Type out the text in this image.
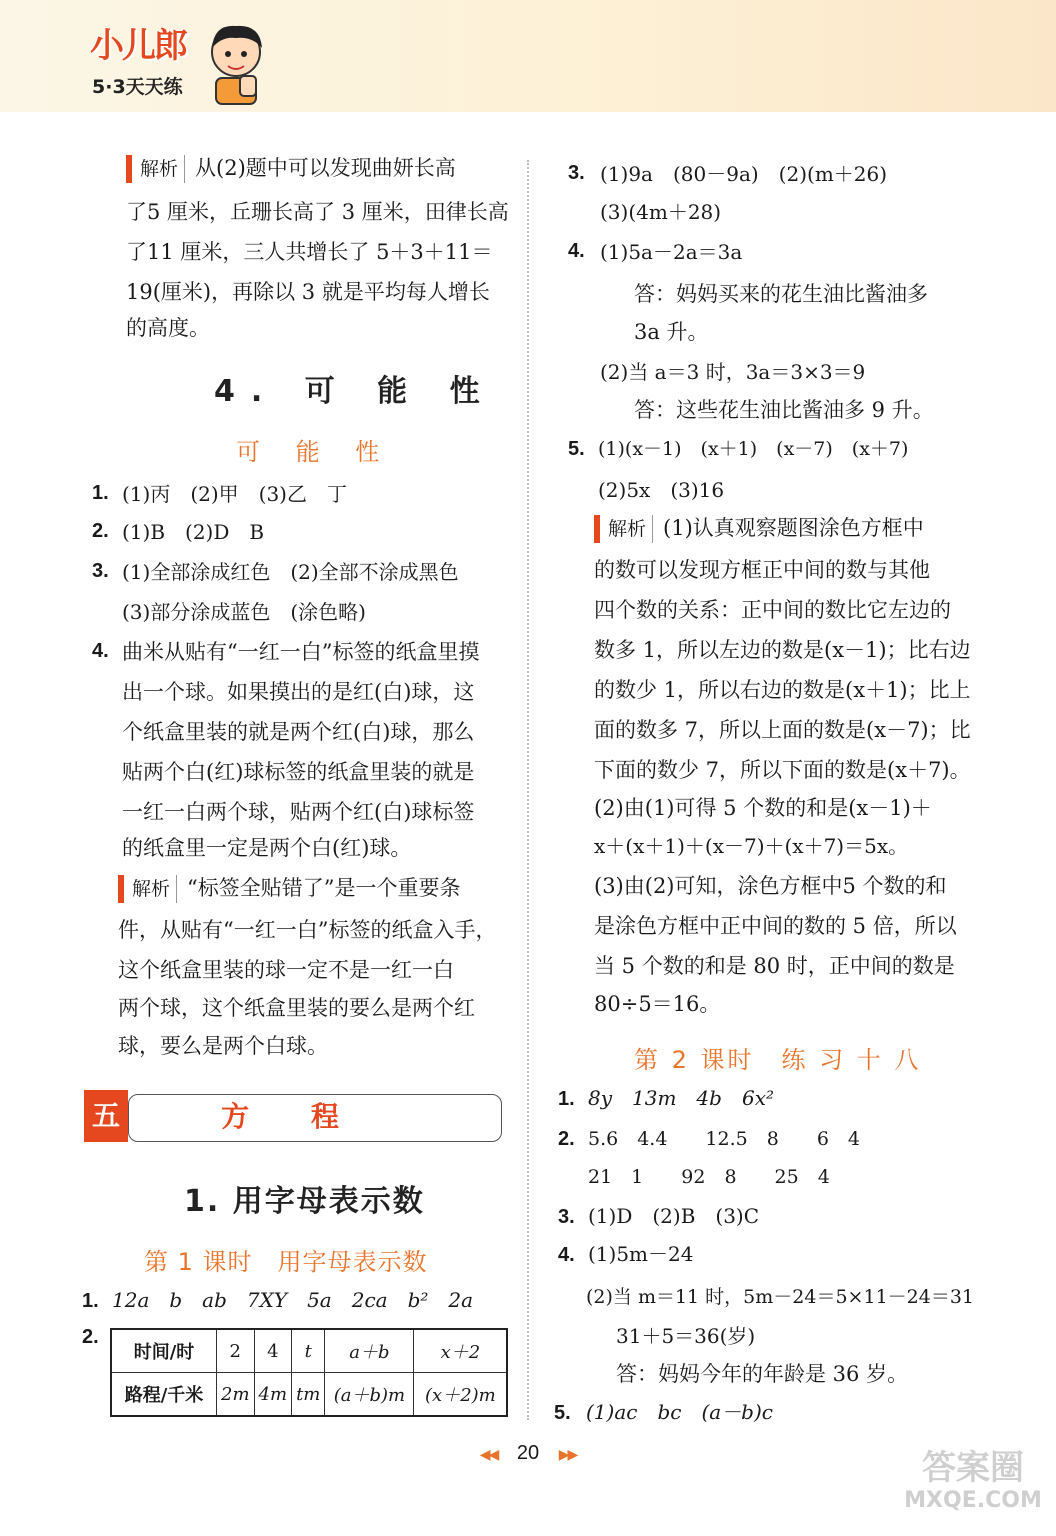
小儿郎
5·3天天练
解析 从(2)题中可以发现曲妍长高
了5 厘米，丘珊长高了 3 厘米，田律长高
了11 厘米，三人共增长了 5＋3＋11＝
19(厘米)，再除以 3 就是平均每人增长
的高度。
4. 可 能 性
可 能 性
1. (1)丙　(2)甲　(3)乙　丁
2. (1)B　(2)D　B
3. (1)全部涂成红色　(2)全部不涂成黑色
(3)部分涂成蓝色　(涂色略)
4. 曲米从贴有“一红一白”标签的纸盒里摸
出一个球。如果摸出的是红(白)球，这
个纸盒里装的就是两个红(白)球，那么
贴两个白(红)球标签的纸盒里装的就是
一红一白两个球，贴两个红(白)球标签
的纸盒里一定是两个白(红)球。
解析 “标签全贴错了”是一个重要条
件，从贴有“一红一白”标签的纸盒入手，
这个纸盒里装的球一定不是一红一白
两个球，这个纸盒里装的要么是两个红
球，要么是两个白球。
五	方 程
1. 用字母表示数
第 1 课时　用字母表示数
1. 12a　b　ab　7XY　5a　2ca　b²　2a
2.
时间/时	2	4	t	a＋b	x＋2
路程/千米	2m	4m	tm	(a＋b)m	(x＋2)m
3. (1)9a　(80－9a)　(2)(m＋26)
(3)(4m＋28)
4. (1)5a－2a＝3a
答：妈妈买来的花生油比酱油多
3a 升。
(2)当 a＝3 时，3a＝3×3＝9
答：这些花生油比酱油多 9 升。
5. (1)(x－1)　(x＋1)　(x－7)　(x＋7)
(2)5x　(3)16
解析 (1)认真观察题图涂色方框中
的数可以发现方框正中间的数与其他
四个数的关系：正中间的数比它左边的
数多 1，所以左边的数是(x－1)；比右边
的数少 1，所以右边的数是(x＋1)；比上
面的数多 7，所以上面的数是(x－7)；比
下面的数少 7，所以下面的数是(x＋7)。
(2)由(1)可得 5 个数的和是(x－1)＋
x＋(x＋1)＋(x－7)＋(x＋7)＝5x。
(3)由(2)可知，涂色方框中5 个数的和
是涂色方框中正中间的数的 5 倍，所以
当 5 个数的和是 80 时，正中间的数是
80÷5＝16。
第 2 课时　练 习 十 八
1. 8y　13m　4b　6x²
2. 5.6　4.4　　12.5　8　　6　4
21　1　　92　8　　25　4
3. (1)D　(2)B　(3)C
4. (1)5m－24
(2)当 m＝11 时，5m－24＝5×11－24＝31
31＋5＝36(岁)
答：妈妈今年的年龄是 36 岁。
5. (1)ac　bc　(a－b)c
◀◀ 20 ▶▶	答案圈
MXQE.COM
